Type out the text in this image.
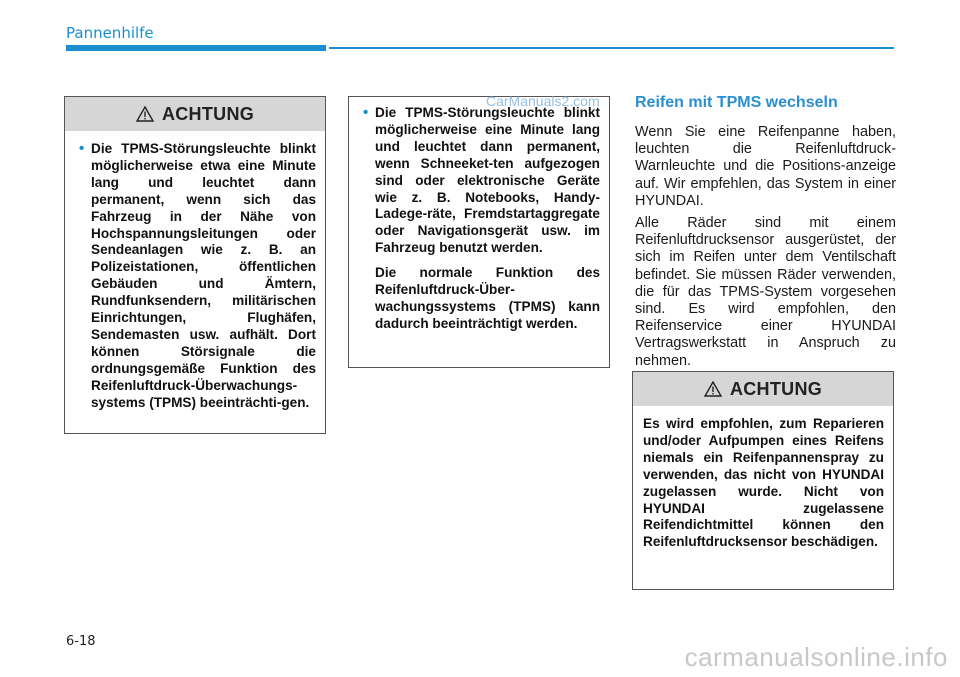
Pannenhilfe
ACHTUNG

• Die TPMS-Störungsleuchte blinkt möglicherweise etwa eine Minute lang und leuchtet dann permanent, wenn sich das Fahrzeug in der Nähe von Hochspannungsleitungen oder Sendeanlagen wie z. B. an Polizeistationen, öffentlichen Gebäuden und Ämtern, Rundfunksendern, militärischen Einrichtungen, Flughäfen, Sendemasten usw. aufhält. Dort können Störsignale die ordnungsgemäße Funktion des Reifenluftdruck-Überwachungs-systems (TPMS) beeinträchti-gen.

• Die TPMS-Störungsleuchte blinkt möglicherweise eine Minute lang und leuchtet dann permanent, wenn Schneeket-ten aufgezogen sind oder elektronische Geräte wie z. B. Notebooks, Handy-Ladege-räte, Fremdstartaggregate oder Navigationsgerät usw. im Fahrzeug benutzt werden.

Die normale Funktion des Reifenluftdruck-Über-wachungssystems (TPMS) kann dadurch beeinträchtigt werden.

CarManuals2.com Reifen mit TPMS wechseln

Wenn Sie eine Reifenpanne haben, leuchten die Reifenluftdruck-Warnleuchte und die Positions-anzeige auf. Wir empfehlen, das System in einer HYUNDAI.

Alle Räder sind mit einem Reifenluftdrucksensor ausgerüstet, der sich im Reifen unter dem Ventilschaft befindet. Sie müssen Räder verwenden, die für das TPMS-System vorgesehen sind. Es wird empfohlen, den Reifenservice einer HYUNDAI Vertragswerkstatt in Anspruch zu nehmen.

ACHTUNG

Es wird empfohlen, zum Reparieren und/oder Aufpumpen eines Reifens niemals ein Reifenpannenspray zu verwenden, das nicht von HYUNDAI zugelassen wurde. Nicht von HYUNDAI zugelassene Reifendichtmittel können den Reifenluftdrucksensor beschädigen.

6-18
carmanualsonline.info
